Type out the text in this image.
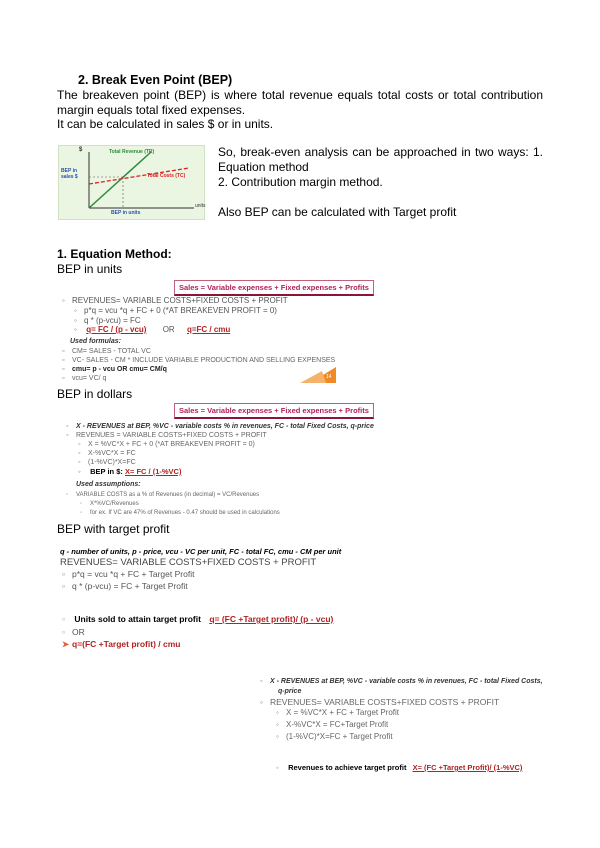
2. Break Even Point (BEP)
The breakeven point (BEP) is where total revenue equals total costs or total contribution margin equals total fixed expenses.
It can be calculated in sales $ or in units.
$
BEP in sales $
Total Revenue (TR)
Total Costs (TC)
units
BEP in units
So, break-even analysis can be approached in two ways: 1. Equation method
2. Contribution margin method.
Also BEP can be calculated with Target profit
1. Equation Method:
BEP in units
Sales = Variable expenses + Fixed expenses + Profits
◦ REVENUES= VARIABLE COSTS+FIXED COSTS + PROFIT
◦ p*q = vcu *q + FC + 0 (*AT BREAKEVEN PROFIT = 0)
◦ q * (p-vcu) = FC
◦ q= FC / (p - vcu) OR q=FC / cmu
Used formulas:
▫ CM= SALES - TOTAL VC
▫ VC- SALES - CM * INCLUDE VARIABLE PRODUCTION AND SELLING EXPENSES
▫ cmu= p - vcu OR cmu= CM/q
▫ vcu= VC/ q	14
BEP in dollars
Sales = Variable expenses + Fixed expenses + Profits
◦ X - REVENUES at BEP, %VC - variable costs % in revenues, FC - total Fixed Costs, q-price
◦ REVENUES = VARIABLE COSTS+FIXED COSTS + PROFIT
◦ X = %VC*X + FC + 0 (*AT BREAKEVEN PROFIT = 0)
◦ X-%VC*X = FC
◦ (1-%VC)*X=FC
◦ BEP in $: X= FC / (1-%VC)
Used assumptions:
◦ VARIABLE COSTS as a % of Revenues (in decimal) = VC/Revenues
◦ X*%VC/Revenues
◦ for ex. If VC are 47% of Revenues - 0.47 should be used in calculations
BEP with target profit
q - number of units, p - price, vcu - VC per unit, FC - total FC, cmu - CM per unit
REVENUES= VARIABLE COSTS+FIXED COSTS + PROFIT
▫ p*q = vcu *q + FC + Target Profit
▫ q * (p-vcu) = FC + Target Profit
▫ Units sold to attain target profit q= (FC +Target profit)/ (p - vcu)
▫ OR
➤ q=(FC +Target profit) / cmu
◦ X - REVENUES at BEP, %VC - variable costs % in revenues, FC - total Fixed Costs,
q-price
◦ REVENUES= VARIABLE COSTS+FIXED COSTS + PROFIT
◦ X = %VC*X + FC + Target Profit
◦ X-%VC*X = FC+Target Profit
◦ (1-%VC)*X=FC + Target Profit
◦ Revenues to achieve target profit X= (FC +Target Profit)/ (1-%VC)
